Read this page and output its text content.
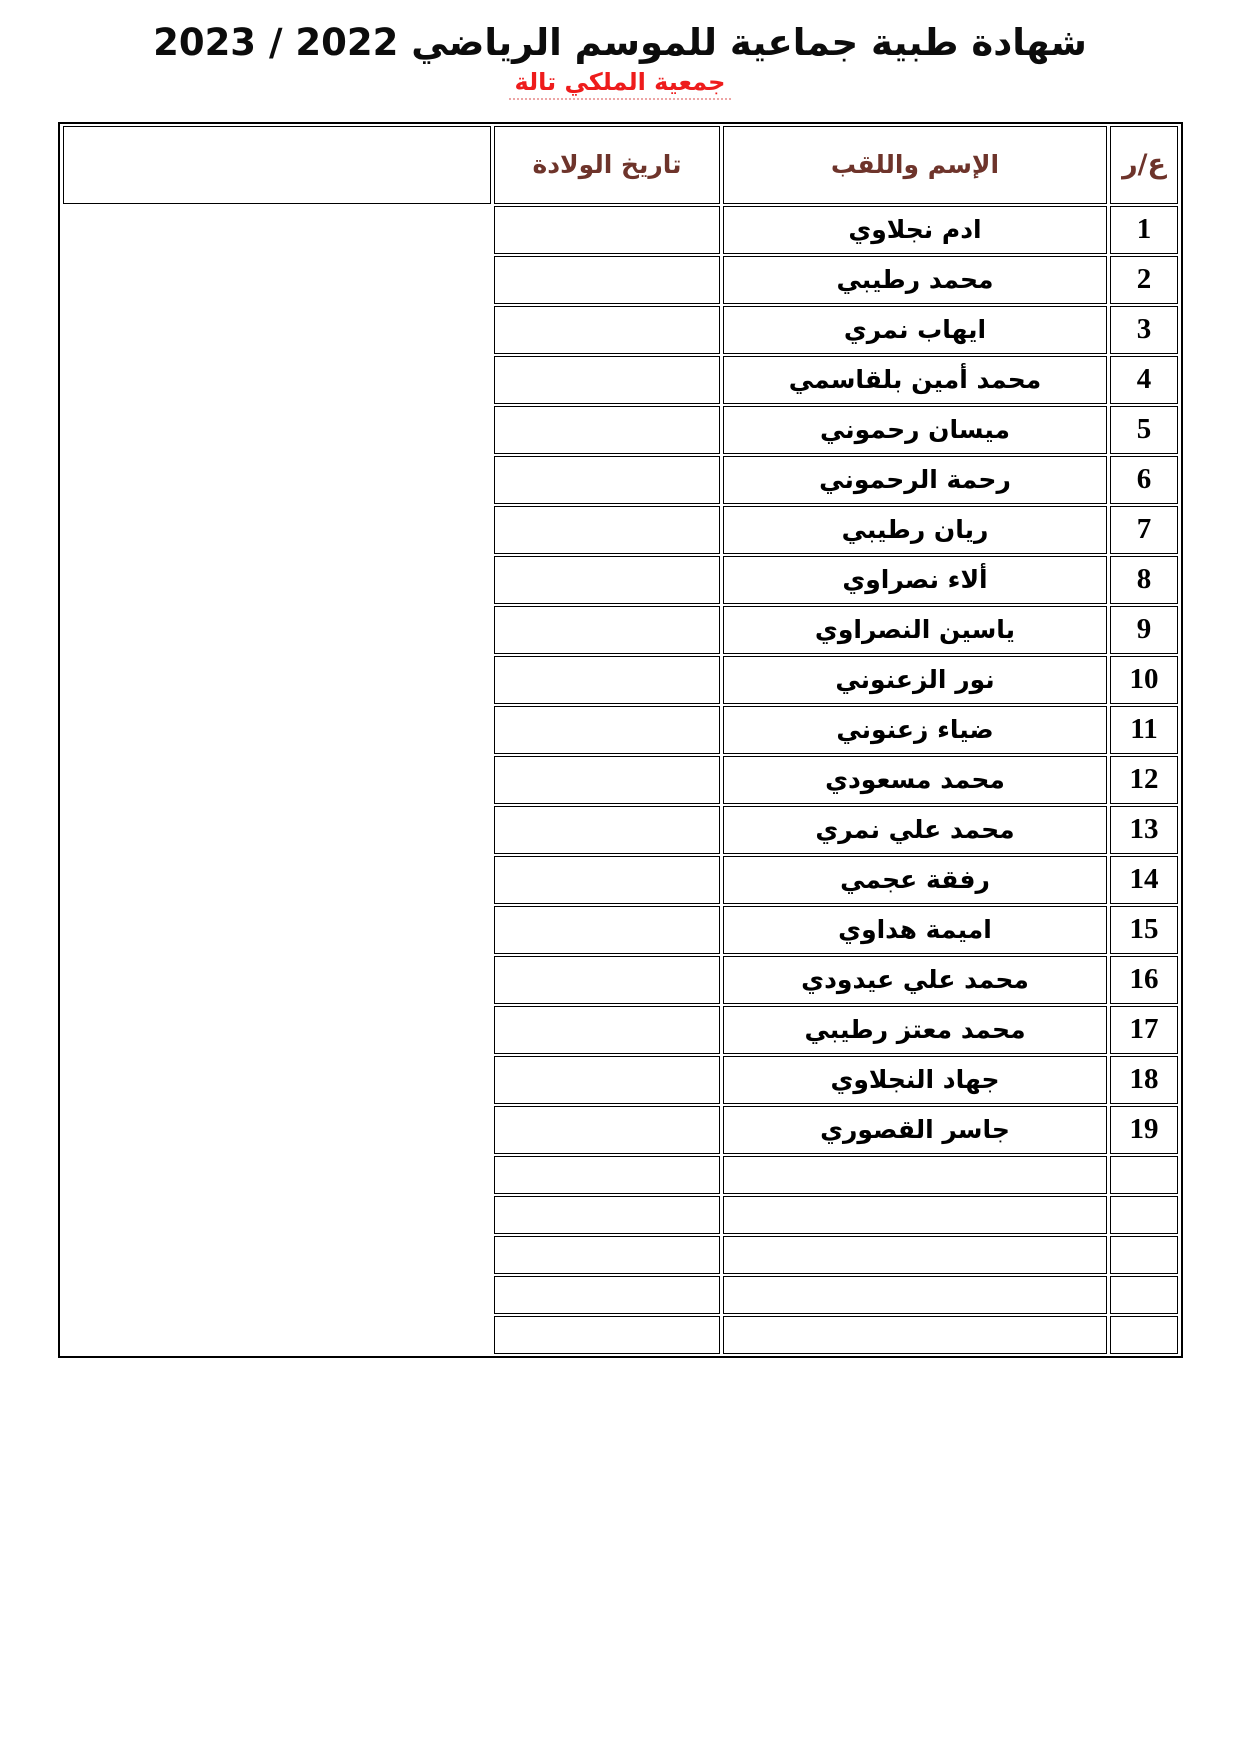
شهادة طبية جماعية للموسم الرياضي 2022 / 2023
جمعية الملكي تالة
ع/ر	الإسم واللقب	تاريخ الولادة	

1	ادم نجلاوي		
2	محمد رطيبي		
3	ايهاب نمري		
4	محمد أمين بلقاسمي		
5	ميسان رحموني		
6	رحمة الرحموني		
7	ريان رطيبي		
8	ألاء نصراوي		
9	ياسين النصراوي		
10	نور الزعنوني		
11	ضياء زعنوني		
12	محمد مسعودي		
13	محمد علي نمري		
14	رفقة عجمي		
15	اميمة هداوي		
16	محمد علي عيدودي		
17	محمد معتز رطيبي		
18	جهاد النجلاوي		
19	جاسر القصوري		
